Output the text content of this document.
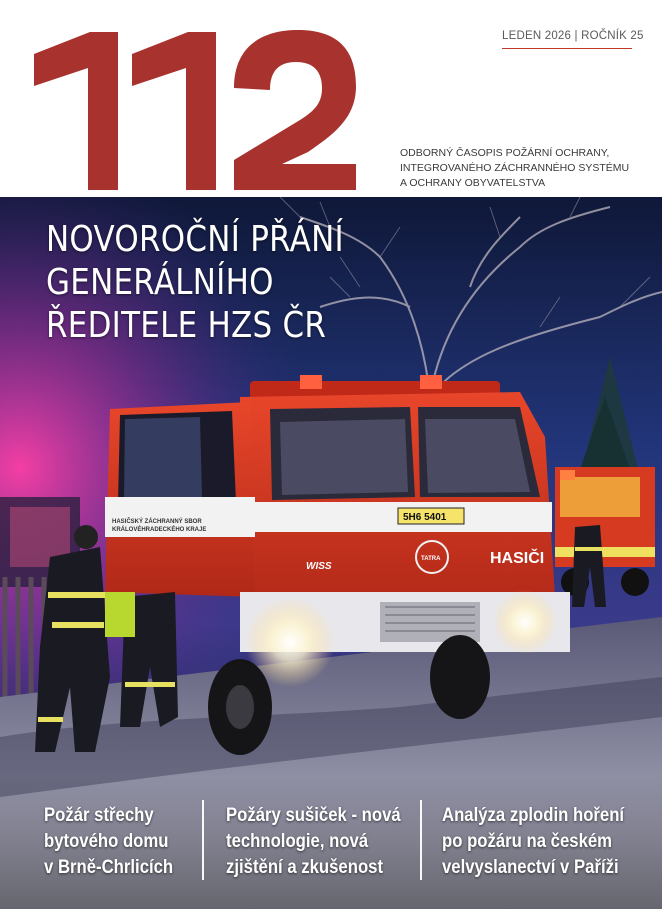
LEDEN 2026 | ROČNÍK 25
ODBORNÝ ČASOPIS POŽÁRNÍ OCHRANY,
INTEGROVANÉHO ZÁCHRANNÉHO SYSTÉMU
A OCHRANY OBYVATELSTVA
HASIČSKÝ ZÁCHRANNÝ SBOR
KRÁLOVÉHRADECKÉHO KRAJE
5H6 5401
HASIČI
WISS
TATRA
NOVOROČNÍ PŘÁNÍ
GENERÁLNÍHO
ŘEDITELE HZS ČR
Požár střechy
bytového domu
v Brně-Chrlicích
Požáry sušiček - nová
technologie, nová
zjištění a zkušenost
Analýza zplodin hoření
po požáru na českém
velvyslanectví v Paříži
